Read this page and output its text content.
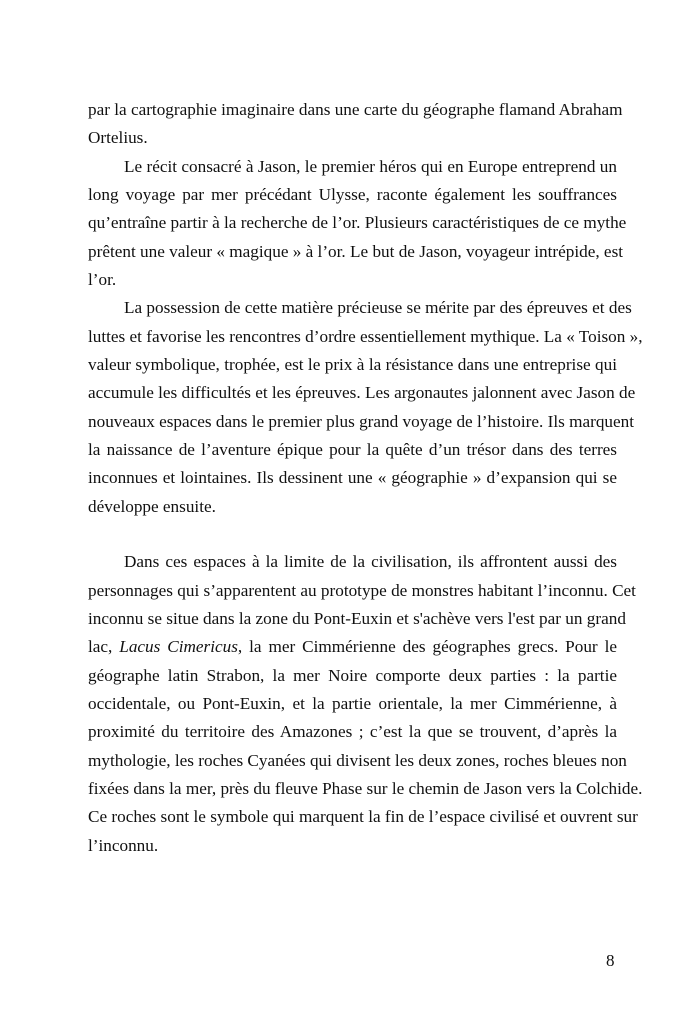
par la cartographie imaginaire dans une carte du géographe flamand Abraham
Ortelius.
Le récit consacré à Jason, le premier héros qui en Europe entreprend un
long voyage par mer précédant Ulysse, raconte également les souffrances
qu’entraîne partir à la recherche de l’or. Plusieurs caractéristiques de ce mythe
prêtent une valeur « magique » à l’or. Le but de Jason, voyageur intrépide, est
l’or.
La possession de cette matière précieuse se mérite par des épreuves et des
luttes et favorise les rencontres d’ordre essentiellement mythique. La « Toison »,
valeur symbolique, trophée, est le prix à la résistance dans une entreprise qui
accumule les difficultés et les épreuves. Les argonautes jalonnent avec Jason de
nouveaux espaces dans le premier plus grand voyage de l’histoire. Ils marquent
la naissance de l’aventure épique pour la quête d’un trésor dans des terres
inconnues et lointaines. Ils dessinent une « géographie » d’expansion qui se
développe ensuite.
Dans ces espaces à la limite de la civilisation, ils affrontent aussi des
personnages qui s’apparentent au prototype de monstres habitant l’inconnu. Cet
inconnu se situe dans la zone du Pont-Euxin et s'achève vers l'est par un grand
lac, Lacus Cimericus, la mer Cimmérienne des géographes grecs. Pour le
géographe latin Strabon, la mer Noire comporte deux parties : la partie
occidentale, ou Pont-Euxin, et la partie orientale, la mer Cimmérienne, à
proximité du territoire des Amazones ; c’est la que se trouvent, d’après la
mythologie, les roches Cyanées qui divisent les deux zones, roches bleues non
fixées dans la mer, près du fleuve Phase sur le chemin de Jason vers la Colchide.
Ce roches sont le symbole qui marquent la fin de l’espace civilisé et ouvrent sur
l’inconnu.
8
